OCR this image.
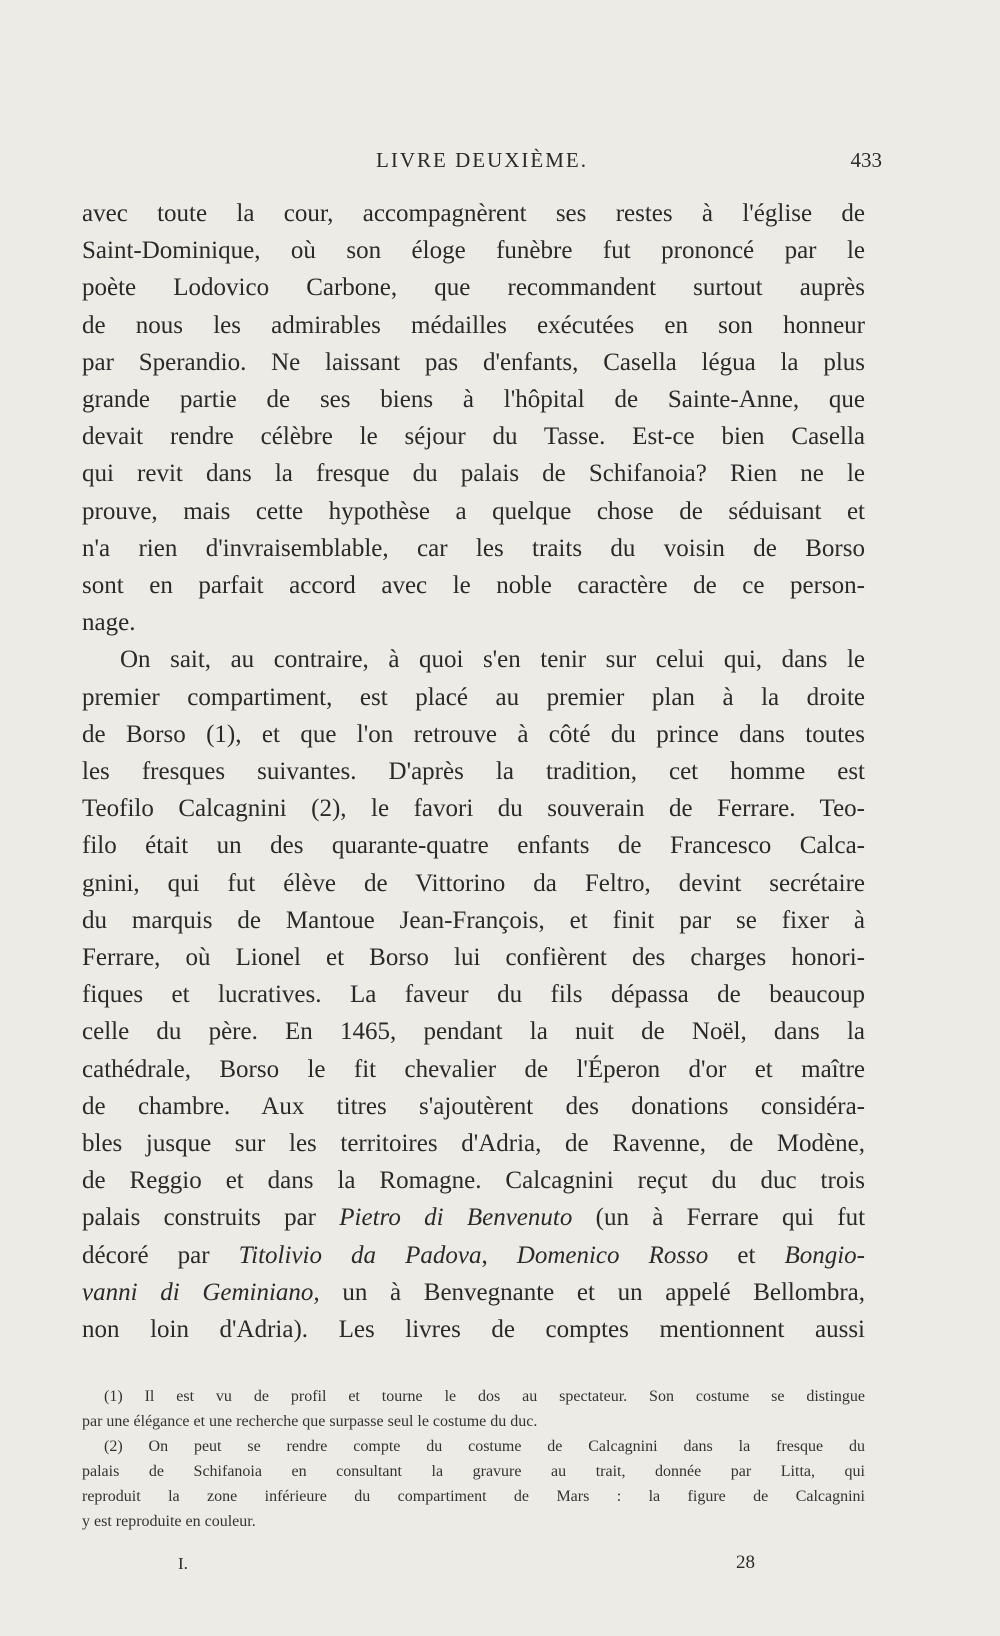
LIVRE DEUXIÈME.	433

avec toute la cour, accompagnèrent ses restes à l'église de
Saint-Dominique, où son éloge funèbre fut prononcé par le
poète Lodovico Carbone, que recommandent surtout auprès
de nous les admirables médailles exécutées en son honneur
par Sperandio. Ne laissant pas d'enfants, Casella légua la plus
grande partie de ses biens à l'hôpital de Sainte-Anne, que
devait rendre célèbre le séjour du Tasse. Est-ce bien Casella
qui revit dans la fresque du palais de Schifanoia? Rien ne le
prouve, mais cette hypothèse a quelque chose de séduisant et
n'a rien d'invraisemblable, car les traits du voisin de Borso
sont en parfait accord avec le noble caractère de ce person-
nage.

On sait, au contraire, à quoi s'en tenir sur celui qui, dans le
premier compartiment, est placé au premier plan à la droite
de Borso (1), et que l'on retrouve à côté du prince dans toutes
les fresques suivantes. D'après la tradition, cet homme est
Teofilo Calcagnini (2), le favori du souverain de Ferrare. Teo-
filo était un des quarante-quatre enfants de Francesco Calca-
gnini, qui fut élève de Vittorino da Feltro, devint secrétaire
du marquis de Mantoue Jean-François, et finit par se fixer à
Ferrare, où Lionel et Borso lui confièrent des charges honori-
fiques et lucratives. La faveur du fils dépassa de beaucoup
celle du père. En 1465, pendant la nuit de Noël, dans la
cathédrale, Borso le fit chevalier de l'Éperon d'or et maître
de chambre. Aux titres s'ajoutèrent des donations considéra-
bles jusque sur les territoires d'Adria, de Ravenne, de Modène,
de Reggio et dans la Romagne. Calcagnini reçut du duc trois
palais construits par Pietro di Benvenuto (un à Ferrare qui fut
décoré par Titolivio da Padova, Domenico Rosso et Bongio-
vanni di Geminiano, un à Benvegnante et un appelé Bellombra,
non loin d'Adria). Les livres de comptes mentionnent aussi

(1) Il est vu de profil et tourne le dos au spectateur. Son costume se distingue
par une élégance et une recherche que surpasse seul le costume du duc.
(2) On peut se rendre compte du costume de Calcagnini dans la fresque du
palais de Schifanoia en consultant la gravure au trait, donnée par Litta, qui
reproduit la zone inférieure du compartiment de Mars : la figure de Calcagnini
y est reproduite en couleur.
I.	28
